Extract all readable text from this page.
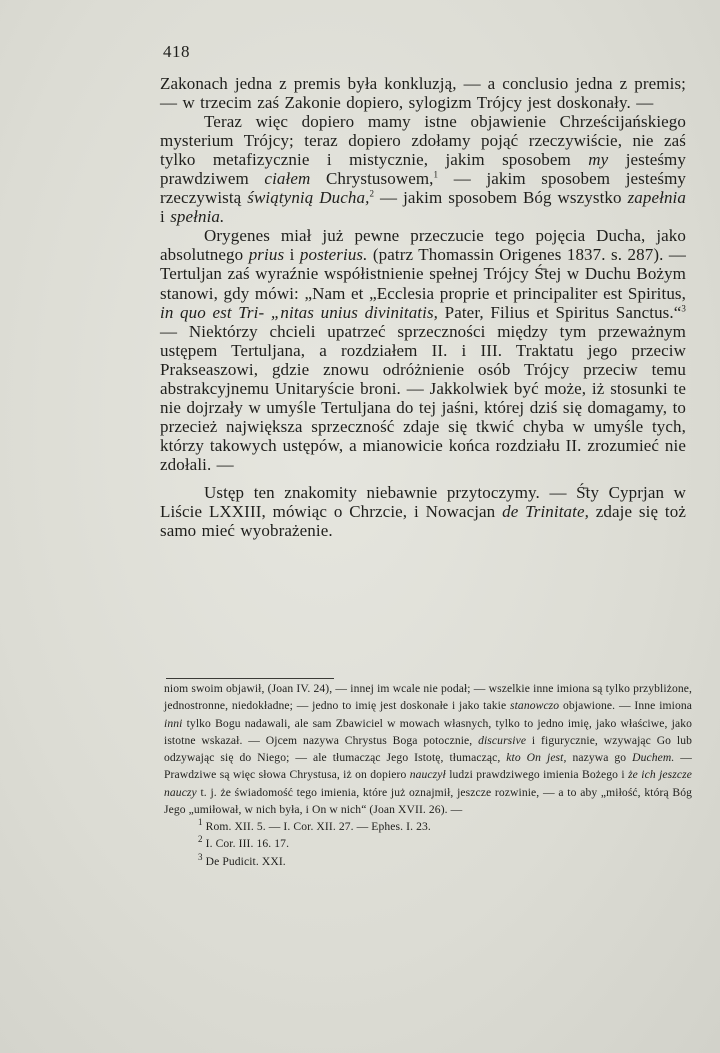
418

Zakonach jedna z premis była konkluzją, — a conclusio jedna z premis; — w trzecim zaś Zakonie dopiero, sylogizm Trójcy jest doskonały. —

Teraz więc dopiero mamy istne objawienie Chrześcijańskiego mysterium Trójcy; teraz dopiero zdołamy pojąć rzeczywiście, nie zaś tylko metafizycznie i mistycznie, jakim sposobem my jesteśmy prawdziwem ciałem Chrystusowem,$^1$ — jakim sposobem jesteśmy rzeczywistą świątynią Ducha,$^2$ — jakim sposobem Bóg wszystko zapełnia i spełnia.

Orygenes miał już pewne przeczucie tego pojęcia Ducha, jako absolutnego prius i posterius. (patrz Thomassin Origenes 1837. s. 287). — Tertuljan zaś wyraźnie współistnienie spełnej Trójcy Ś̄tej w Duchu Bożym stanowi, gdy mówi: „Nam et „Ecclesia proprie et principaliter est Spiritus, in quo est Tri- „nitas unius divinitatis, Pater, Filius et Spiritus Sanctus.“$^3$ — Niektórzy chcieli upatrzeć sprzeczności między tym przeważnym ustępem Tertuljana, a rozdziałem II. i III. Traktatu jego przeciw Prakseaszowi, gdzie znowu odróżnienie osób Trójcy przeciw temu abstrakcyjnemu Unitaryście broni. — Jakkolwiek być może, iż stosunki te nie dojrzały w umyśle Tertuljana do tej jaśni, której dziś się domagamy, to przecież największa sprzeczność zdaje się tkwić chyba w umyśle tych, którzy takowych ustępów, a mianowicie końca rozdziału II. zrozumieć nie zdołali. —

Ustęp ten znakomity niebawnie przytoczymy. — Ś̄ty Cyprjan w Liście LXXIII, mówiąc o Chrzcie, i Nowacjan de Trinitate, zdaje się toż samo mieć wyobrażenie.

niom swoim objawił, (Joan IV. 24), — innej im wcale nie podał; — wszelkie inne imiona są tylko przybliżone, jednostronne, niedokładne; — jedno to imię jest doskonałe i jako takie stanowczo objawione. — Inne imiona inni tylko Bogu nadawali, ale sam Zbawiciel w mowach własnych, tylko to jedno imię, jako właściwe, jako istotne wskazał. — Ojcem nazywa Chrystus Boga potocznie, discursive i figurycznie, wzywając Go lub odzywając się do Niego; — ale tłumacząc Jego Istotę, tłumacząc, kto On jest, nazywa go Duchem. — Prawdziwe są więc słowa Chrystusa, iż on dopiero nauczył ludzi prawdziwego imienia Bożego i że ich jeszcze nauczy t. j. że świadomość tego imienia, które już oznajmił, jeszcze rozwinie, — a to aby „miłość, którą Bóg Jego „umiłował, w nich była, i On w nich“ (Joan XVII. 26). —

$^1$ Rom. XII. 5. — I. Cor. XII. 27. — Ephes. I. 23.

$^2$ I. Cor. III. 16. 17.

$^3$ De Pudicit. XXI.
